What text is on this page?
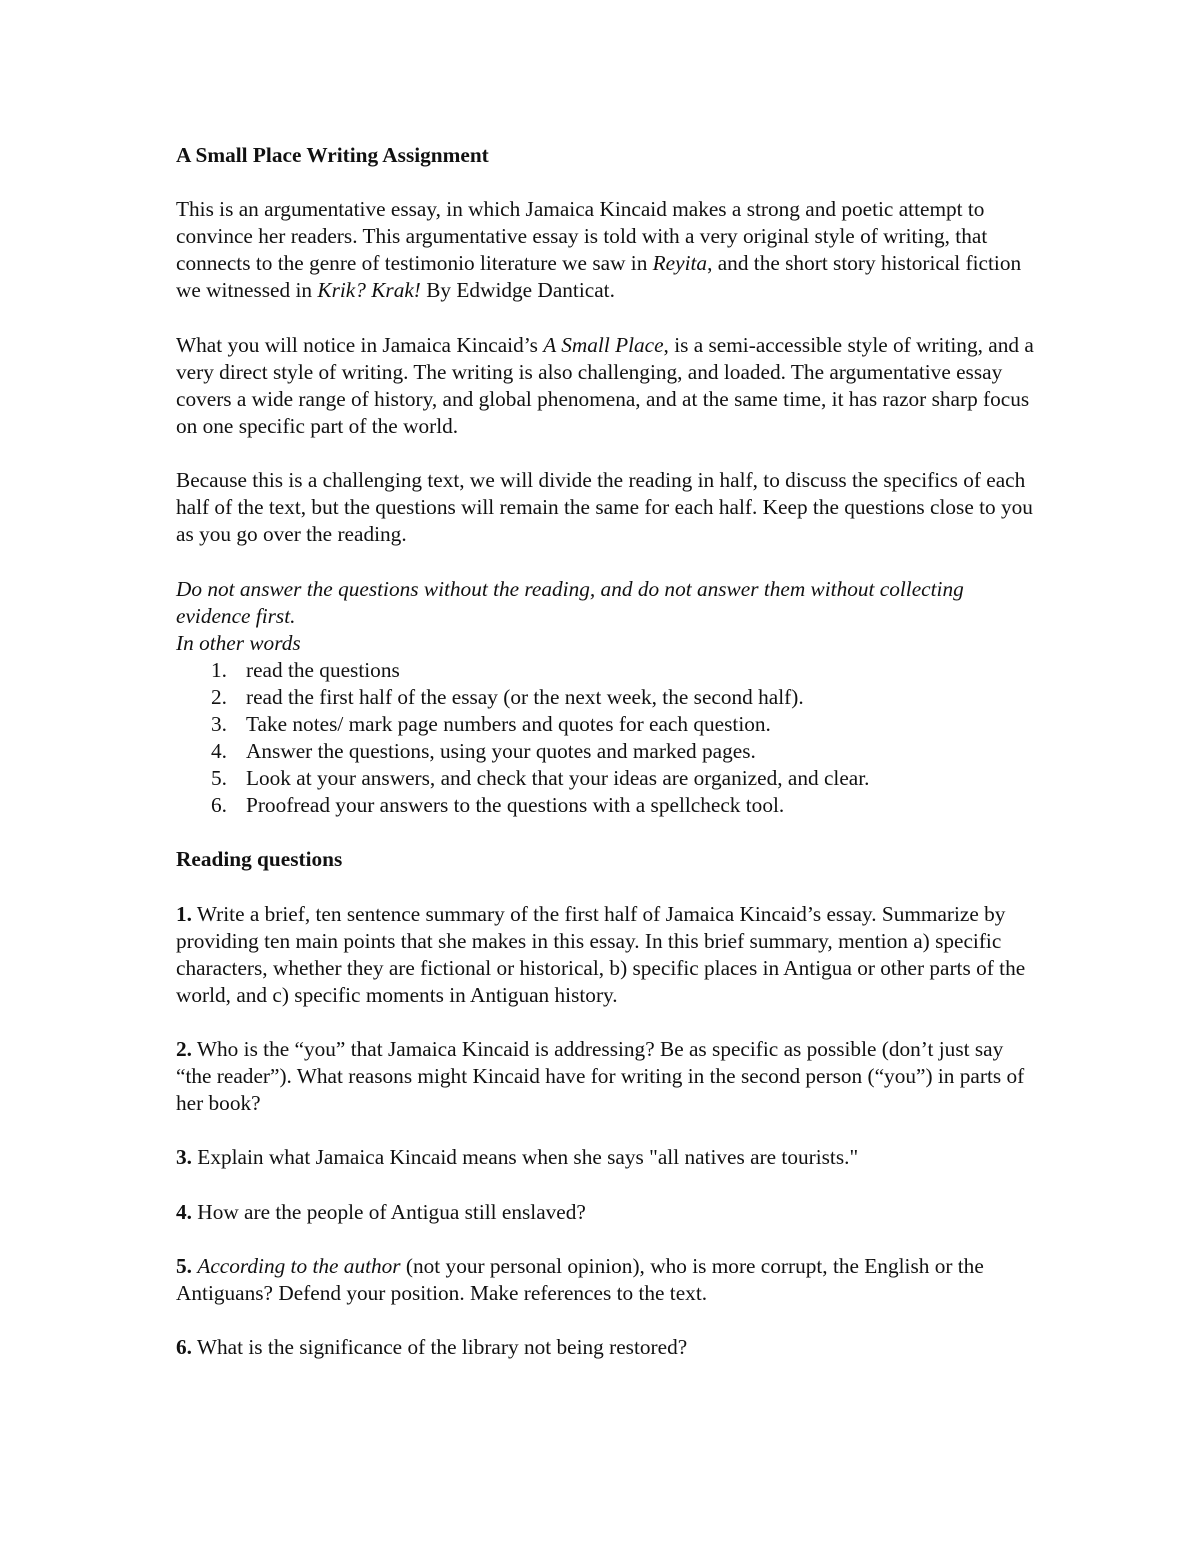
A Small Place Writing Assignment

This is an argumentative essay, in which Jamaica Kincaid makes a strong and poetic attempt to convince her readers. This argumentative essay is told with a very original style of writing, that connects to the genre of testimonio literature we saw in Reyita, and the short story historical fiction we witnessed in Krik? Krak! By Edwidge Danticat.

What you will notice in Jamaica Kincaid’s A Small Place, is a semi-accessible style of writing, and a very direct style of writing. The writing is also challenging, and loaded. The argumentative essay covers a wide range of history, and global phenomena, and at the same time, it has razor sharp focus on one specific part of the world.

Because this is a challenging text, we will divide the reading in half, to discuss the specifics of each half of the text, but the questions will remain the same for each half. Keep the questions close to you as you go over the reading.

Do not answer the questions without the reading, and do not answer them without collecting evidence first.

In other words

1. read the questions
2. read the first half of the essay (or the next week, the second half).
3. Take notes/ mark page numbers and quotes for each question.
4. Answer the questions, using your quotes and marked pages.
5. Look at your answers, and check that your ideas are organized, and clear.
6. Proofread your answers to the questions with a spellcheck tool.

Reading questions

1. Write a brief, ten sentence summary of the first half of Jamaica Kincaid’s essay. Summarize by providing ten main points that she makes in this essay. In this brief summary, mention a) specific characters, whether they are fictional or historical, b) specific places in Antigua or other parts of the world, and c) specific moments in Antiguan history.

2. Who is the “you” that Jamaica Kincaid is addressing? Be as specific as possible (don’t just say “the reader”). What reasons might Kincaid have for writing in the second person (“you”) in parts of her book?

3. Explain what Jamaica Kincaid means when she says "all natives are tourists."

4. How are the people of Antigua still enslaved?

5. According to the author (not your personal opinion), who is more corrupt, the English or the Antiguans? Defend your position. Make references to the text.

6. What is the significance of the library not being restored?
